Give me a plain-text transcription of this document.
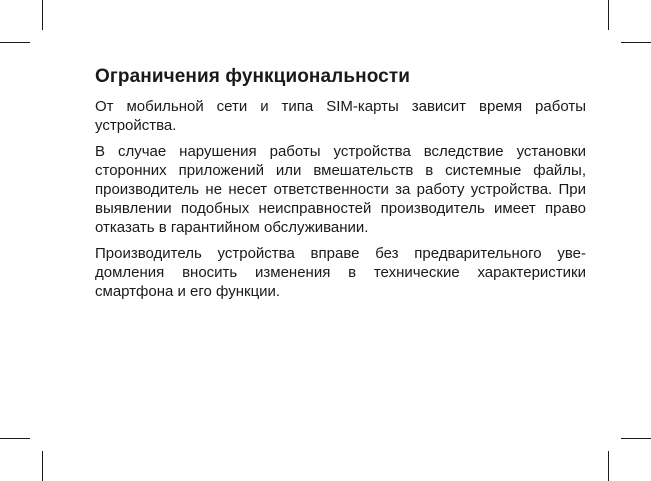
Ограничения функциональности

От мобильной сети и типа SIM-карты зависит время работы устройства.

В случае нарушения работы устройства вследствие установки сторонних приложений или вмешательств в системные файлы, производитель не несет ответственности за работу устройства. При выявлении подобных неисправностей производитель имеет право отказать в гарантийном обслуживании.

Производитель устройства вправе без предварительного уве-домления вносить изменения в технические характеристики смартфона и его функции.
